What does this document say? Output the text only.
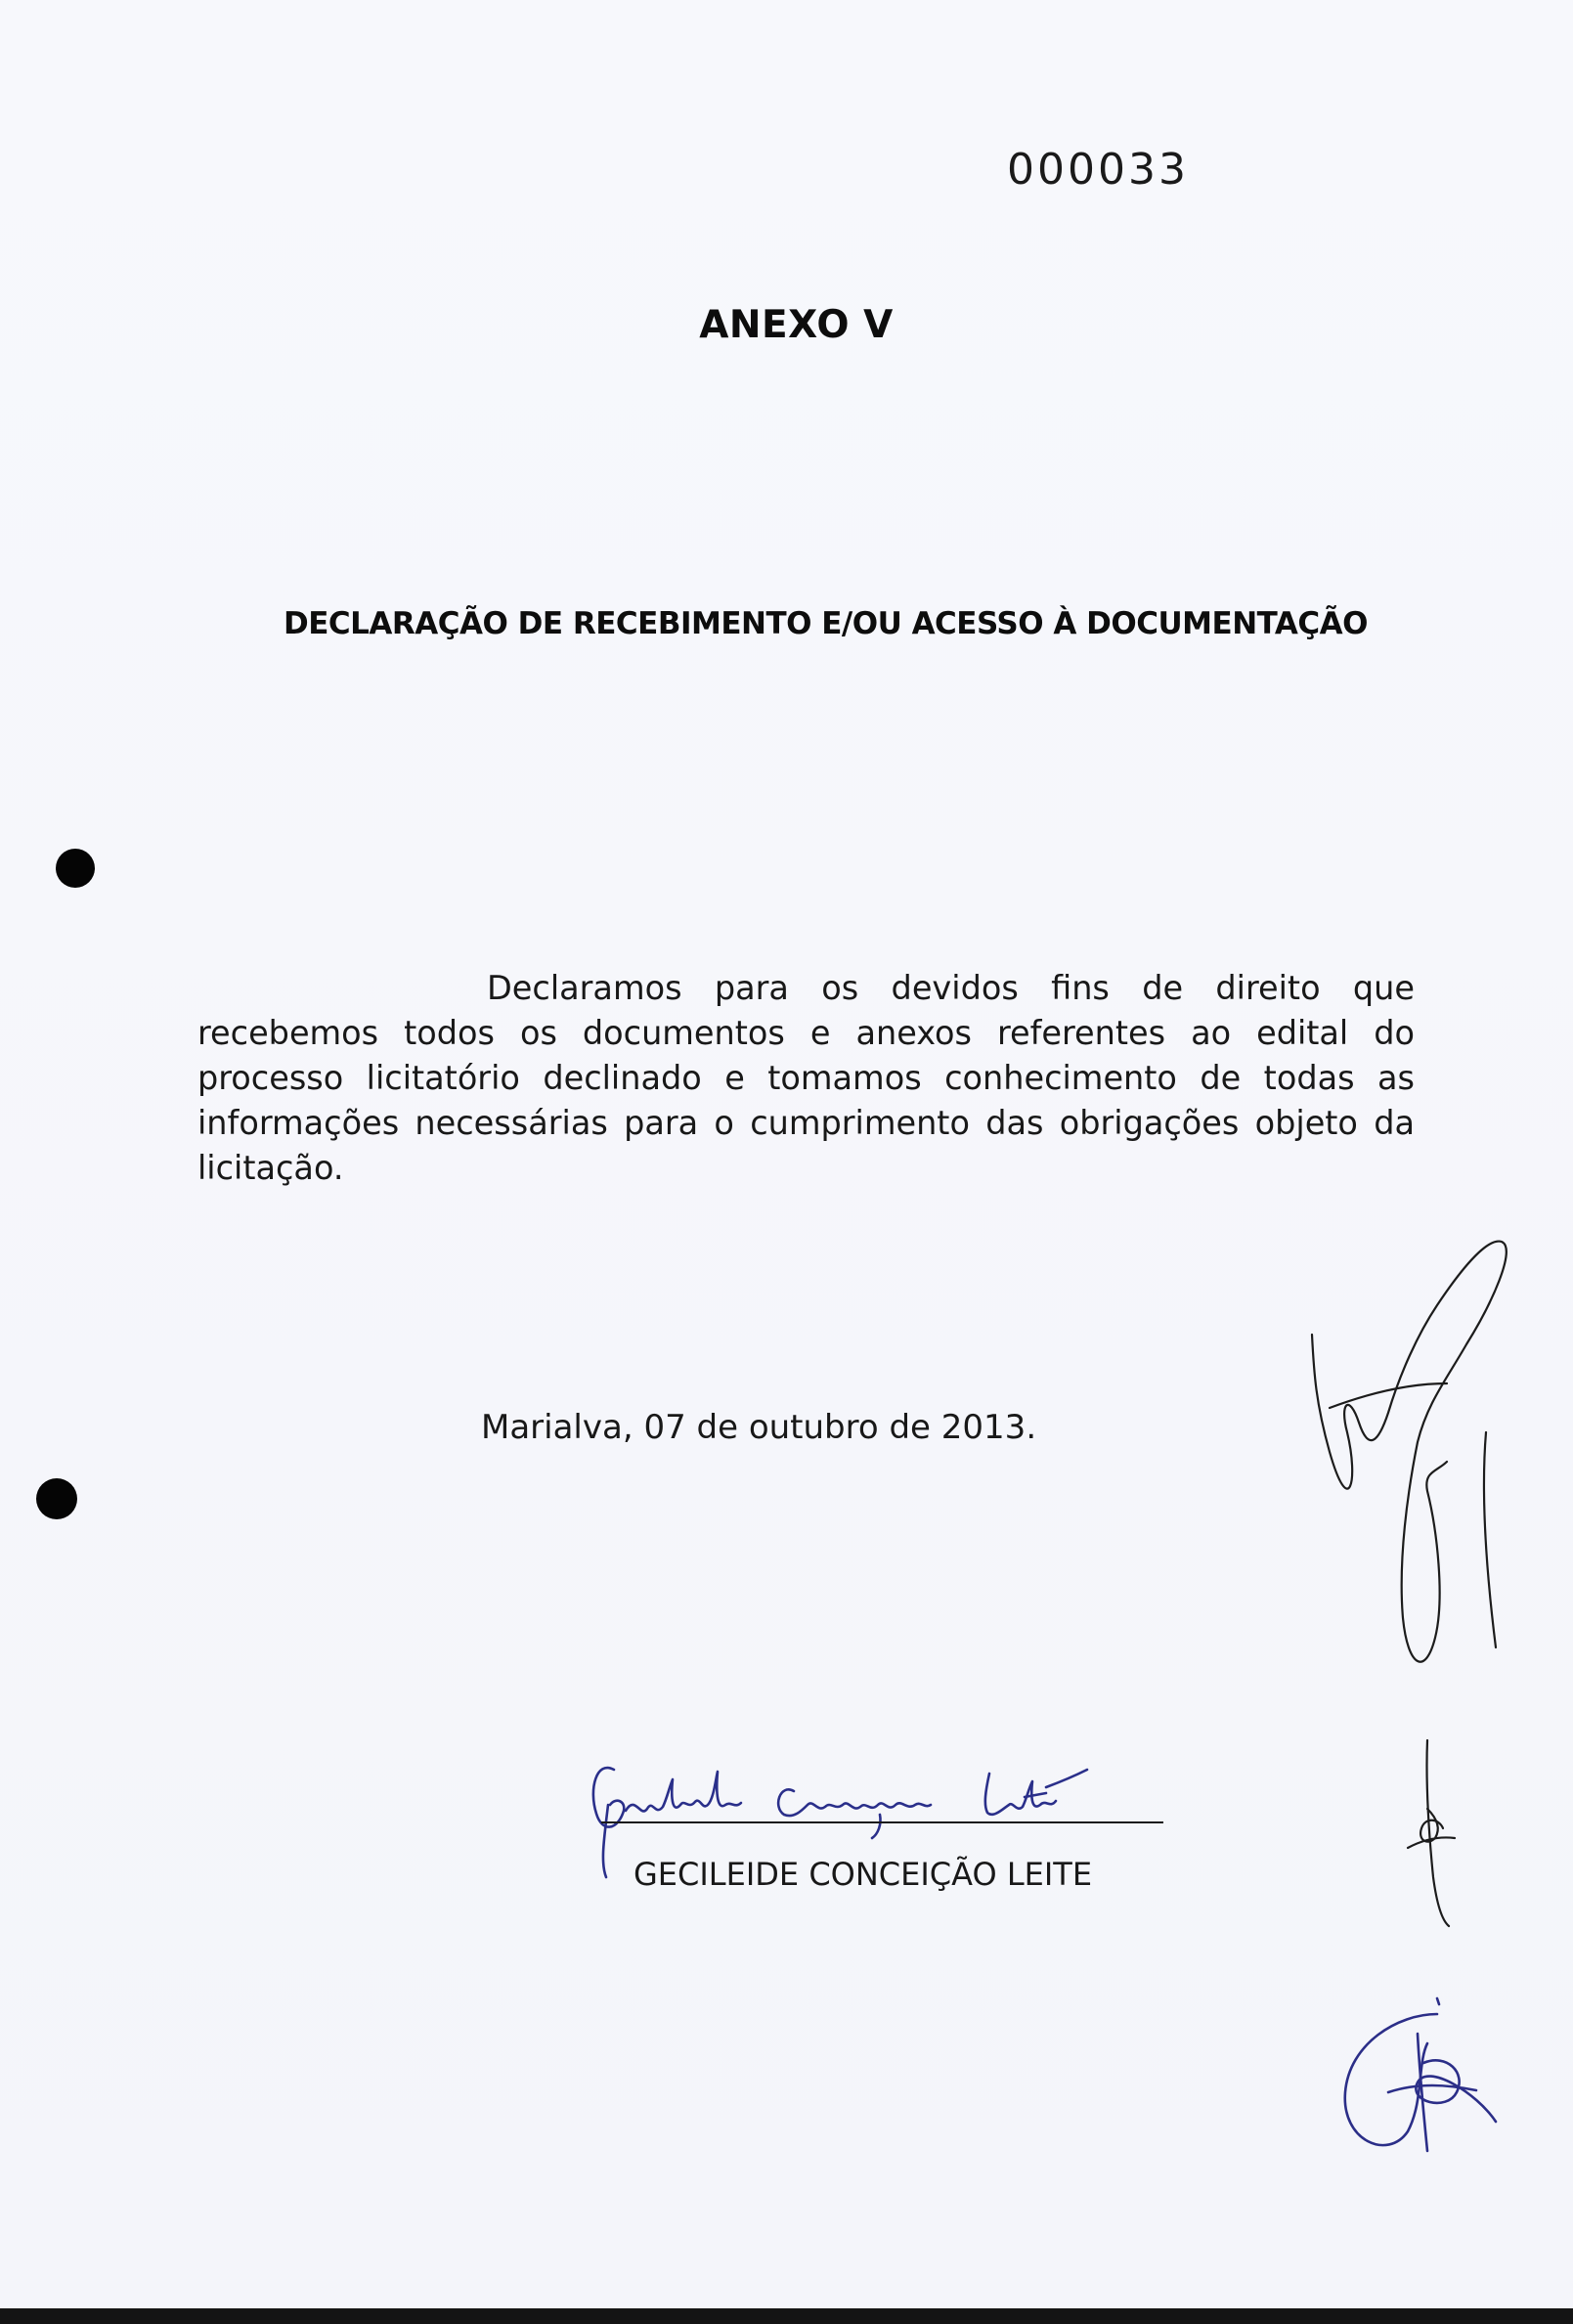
000033
ANEXO V
DECLARAÇÃO DE RECEBIMENTO E/OU ACESSO À DOCUMENTAÇÃO
Declaramos para os devidos fins de direito que recebemos todos os documentos e anexos referentes ao edital do processo licitatório declinado e tomamos conhecimento de todas as informações necessárias para o cumprimento das obrigações objeto da licitação.
Marialva, 07 de outubro de 2013.
GECILEIDE CONCEIÇÃO LEITE
